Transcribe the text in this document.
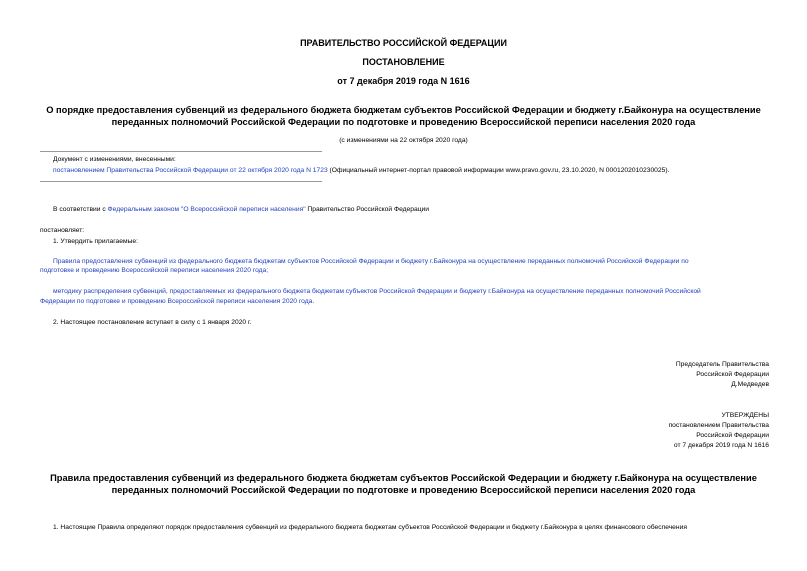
ПРАВИТЕЛЬСТВО РОССИЙСКОЙ ФЕДЕРАЦИИ
ПОСТАНОВЛЕНИЕ
от 7 декабря 2019 года N 1616
О порядке предоставления субвенций из федерального бюджета бюджетам субъектов Российской Федерации и бюджету г.Байконура на осуществление
переданных полномочий Российской Федерации по подготовке и проведению Всероссийской переписи населения 2020 года
(с изменениями на 22 октября 2020 года)
Документ с изменениями, внесенными:
постановлением Правительства Российской Федерации от 22 октября 2020 года N 1723 (Официальный интернет-портал правовой информации www.pravo.gov.ru, 23.10.2020, N 0001202010230025).
В соответствии с Федеральным законом "О Всероссийской переписи населения" Правительство Российской Федерации
постановляет:
1. Утвердить прилагаемые:
Правила предоставления субвенций из федерального бюджета бюджетам субъектов Российской Федерации и бюджету г.Байконура на осуществление переданных полномочий Российской Федерации по
подготовке и проведению Всероссийской переписи населения 2020 года;
методику распределения субвенций, предоставляемых из федерального бюджета бюджетам субъектов Российской Федерации и бюджету г.Байконура на осуществление переданных полномочий Российской
Федерации по подготовке и проведению Всероссийской переписи населения 2020 года.
2. Настоящее постановление вступает в силу с 1 января 2020 г.
Председатель Правительства
Российской Федерации
Д.Медведев
УТВЕРЖДЕНЫ
постановлением Правительства
Российской Федерации
от 7 декабря 2019 года N 1616
Правила предоставления субвенций из федерального бюджета бюджетам субъектов Российской Федерации и бюджету г.Байконура на осуществление
переданных полномочий Российской Федерации по подготовке и проведению Всероссийской переписи населения 2020 года
1. Настоящие Правила определяют порядок предоставления субвенций из федерального бюджета бюджетам субъектов Российской Федерации и бюджету г.Байконура в целях финансового обеспечения
